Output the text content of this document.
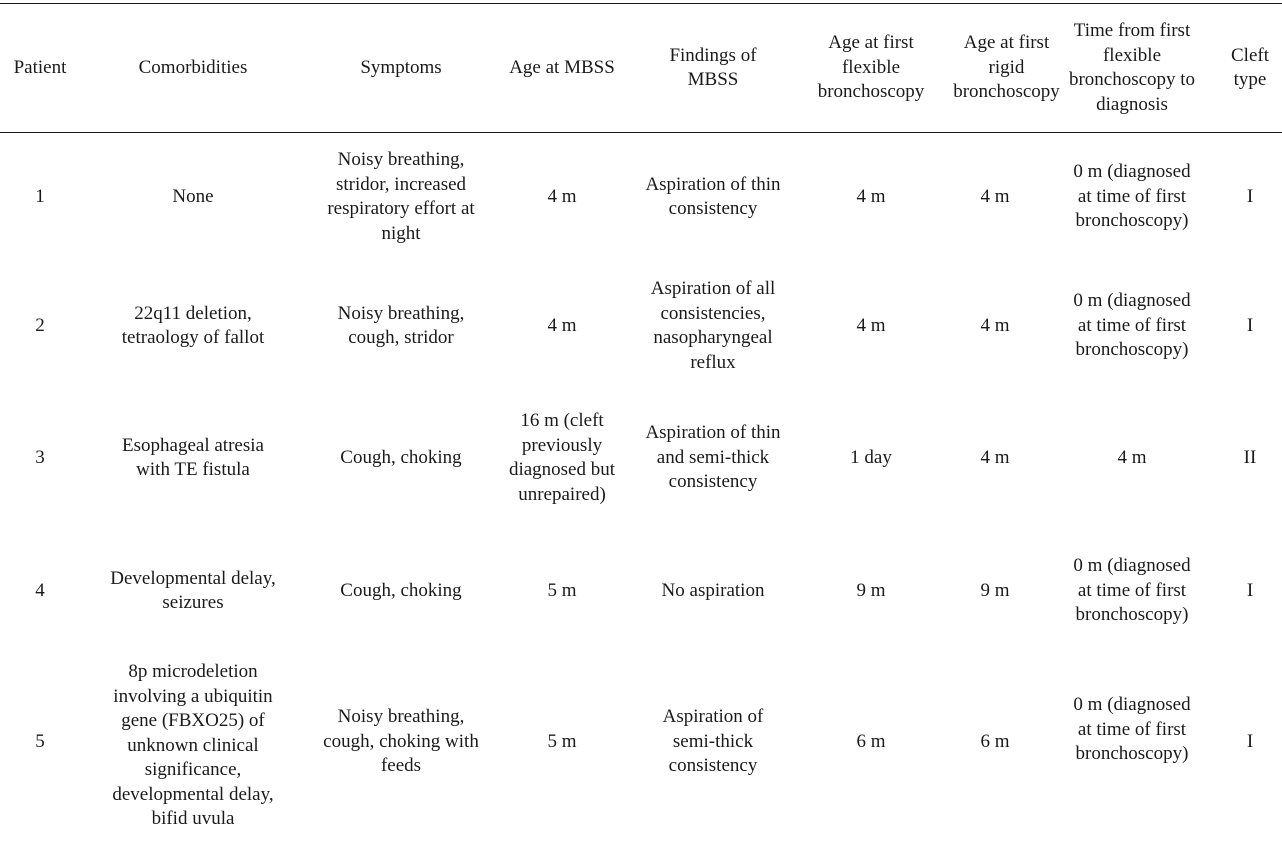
Patient	Comorbidities	Symptoms	Age at MBSS	Findings of MBSS	Age at first flexible bronchoscopy	Age at first rigid bronchoscopy	Time from first flexible bronchoscopy to diagnosis	Cleft type
1	None	Noisy breathing, stridor, increased respiratory effort at night	4 m	Aspiration of thin consistency	4 m	4 m	0 m (diagnosed at time of first bronchoscopy)	I
2	22q11 deletion, tetraology of fallot	Noisy breathing, cough, stridor	4 m	Aspiration of all consistencies, nasopharyngeal reflux	4 m	4 m	0 m (diagnosed at time of first bronchoscopy)	I
3	Esophageal atresia with TE fistula	Cough, choking	16 m (cleft previously diagnosed but unrepaired)	Aspiration of thin and semi-thick consistency	1 day	4 m	4 m	II
4	Developmental delay, seizures	Cough, choking	5 m	No aspiration	9 m	9 m	0 m (diagnosed at time of first bronchoscopy)	I

5	8p microdeletion involving a ubiquitin gene (FBXO25) of unknown clinical significance, developmental delay, bifid uvula	Noisy breathing, cough, choking with feeds	5 m	Aspiration of semi-thick consistency	6 m	6 m	0 m (diagnosed at time of first bronchoscopy)	I
